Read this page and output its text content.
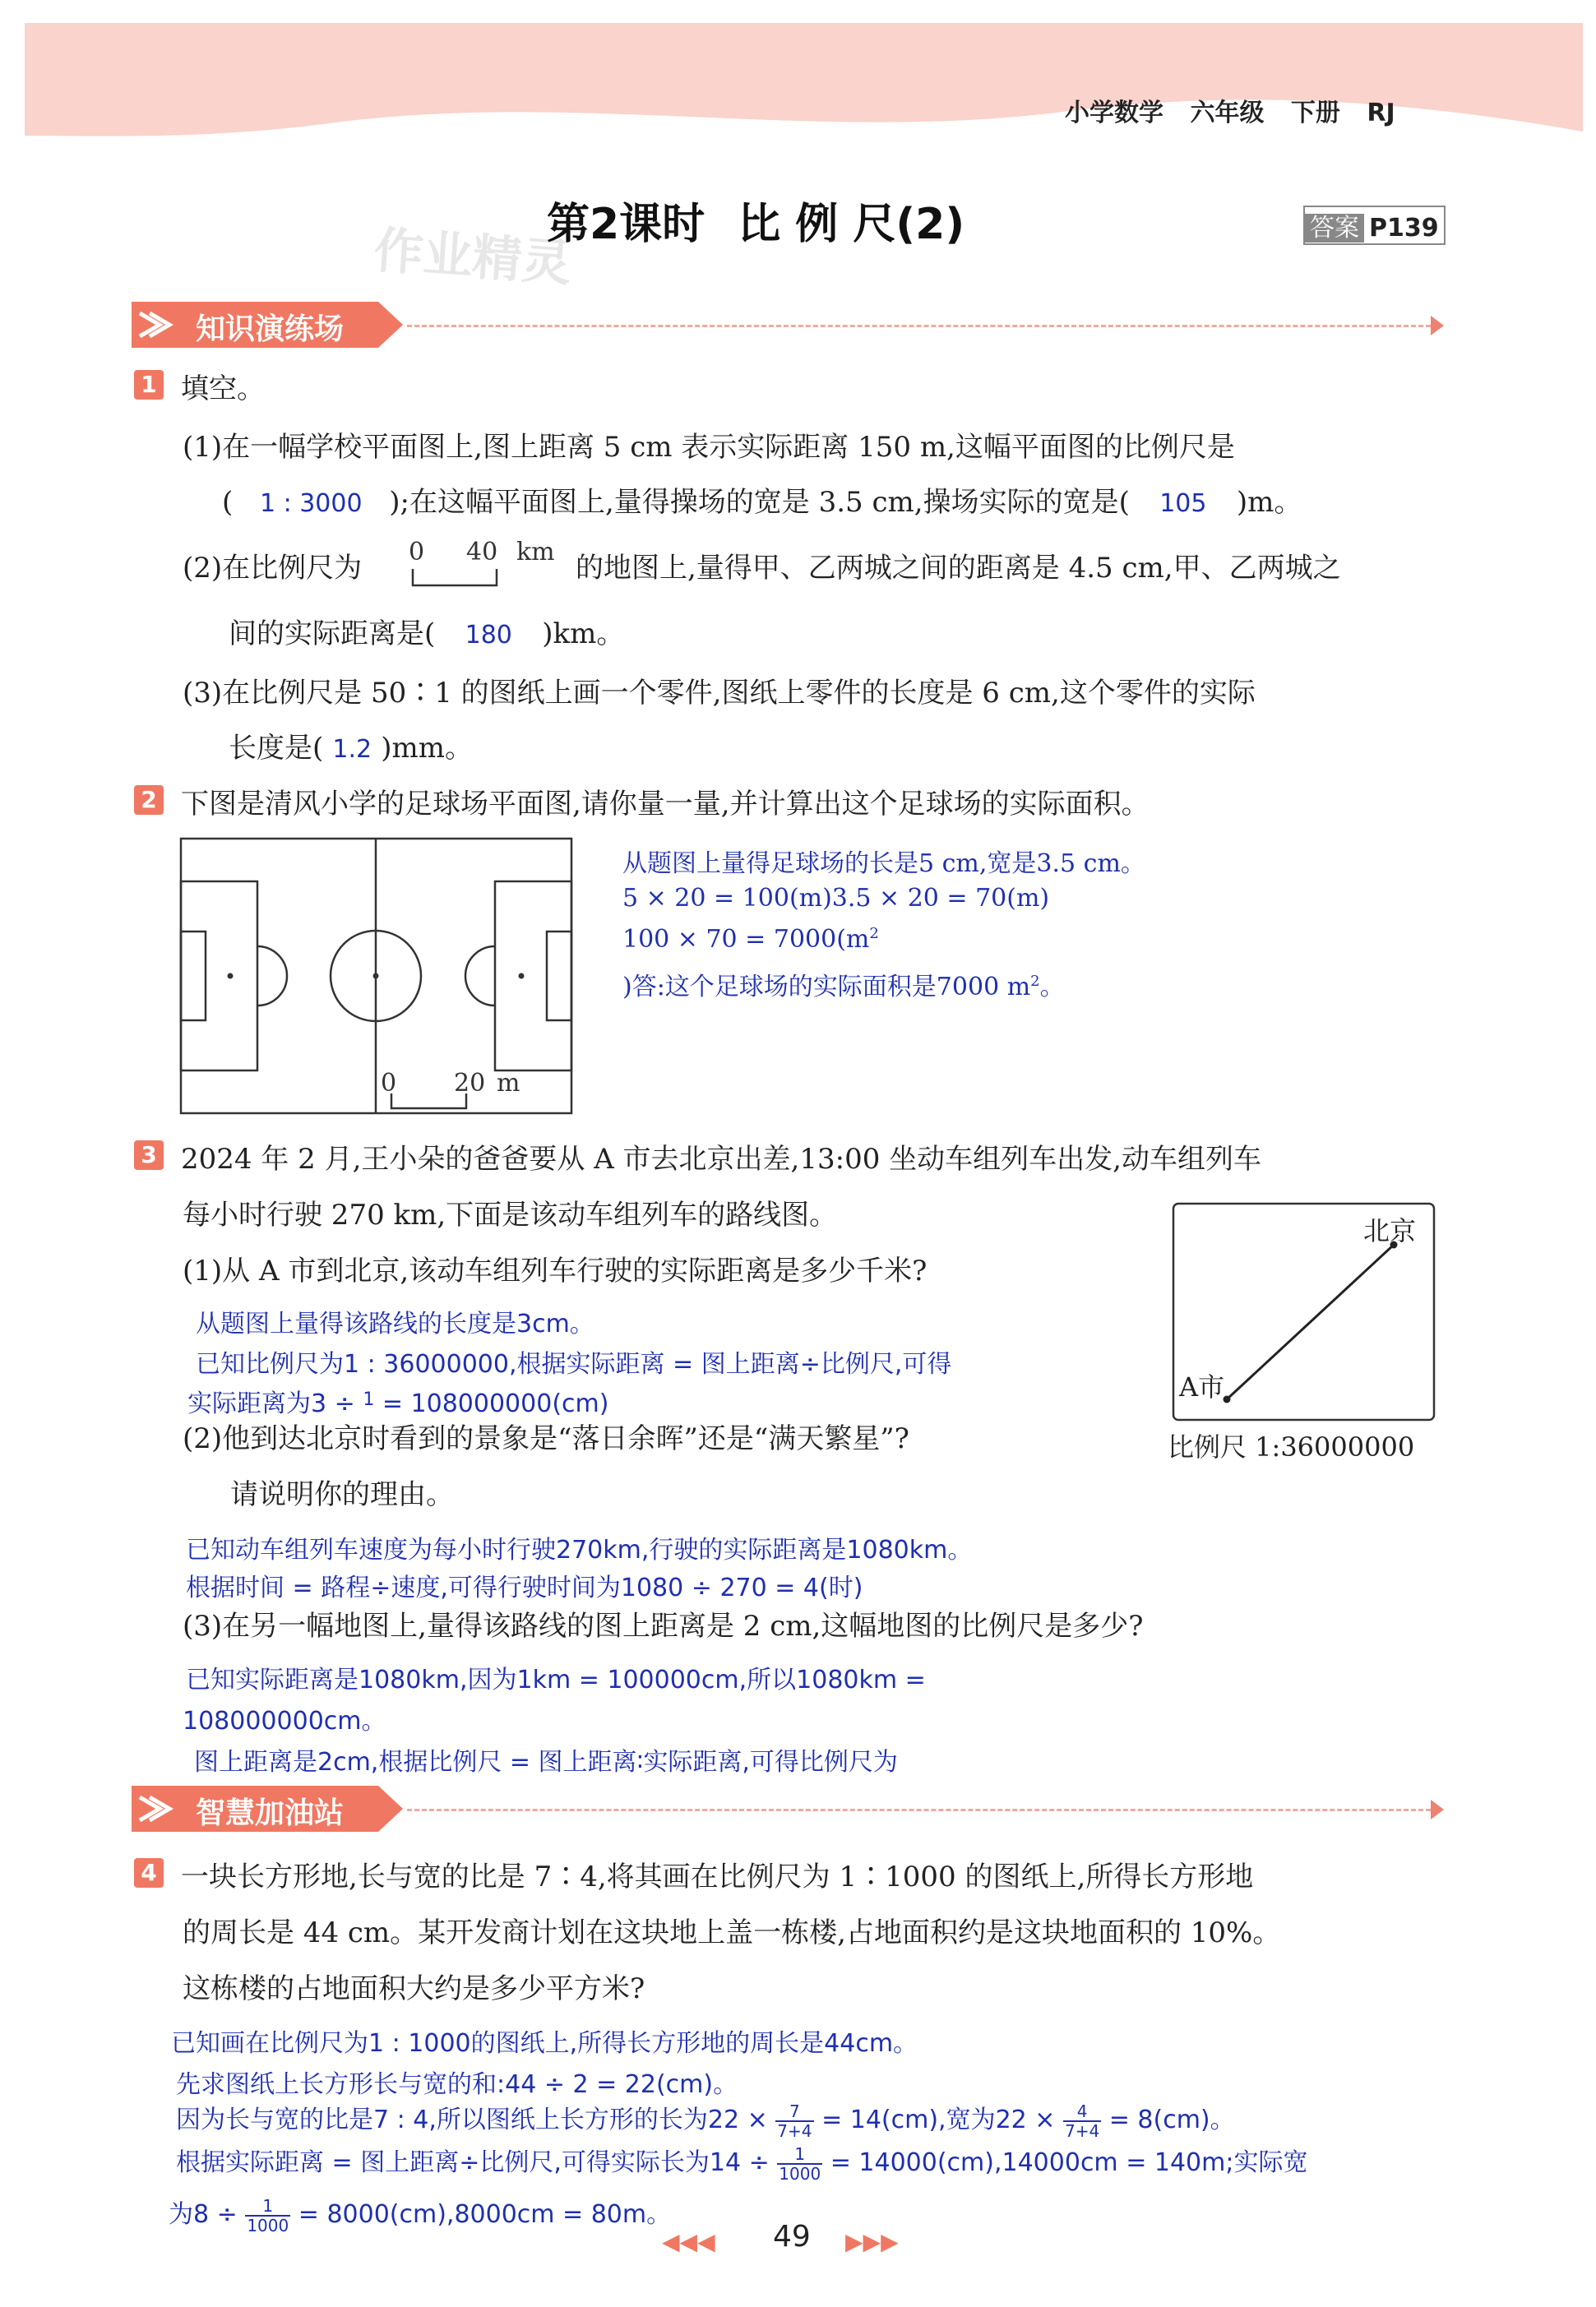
小学数学 六年级 下册 RJ
作业精灵
第2课时 比 例 尺(2)	答案 P139
知识演练场
1 填空。
(1)在一幅学校平面图上,图上距离 5 cm 表示实际距离 150 m,这幅平面图的比例尺是
( 1 : 3000 );在这幅平面图上,量得操场的宽是 3.5 cm,操场实际的宽是( 105 )m。
(2)在比例尺为 0 40 km 的地图上,量得甲、乙两城之间的距离是 4.5 cm,甲、乙两城之
间的实际距离是( 180 )km。
(3)在比例尺是 50∶1 的图纸上画一个零件,图纸上零件的长度是 6 cm,这个零件的实际
长度是( 1.2 )mm。
2 下图是清风小学的足球场平面图,请你量一量,并计算出这个足球场的实际面积。
0 20 m
从题图上量得足球场的长是5 cm,宽是3.5 cm。
5 × 20 = 100(m)3.5 × 20 = 70(m)
$100 \times 70 = 7000(m^2$
)答:这个足球场的实际面积是7000 $m^2$。
3 2024 年 2 月,王小朵的爸爸要从 A 市去北京出差,13:00 坐动车组列车出发,动车组列车
每小时行驶 270 km,下面是该动车组列车的路线图。	北京
A市
比例尺 1:36000000
(1)从 A 市到北京,该动车组列车行驶的实际距离是多少千米?
从题图上量得该路线的长度是3cm。
已知比例尺为1 : 36000000,根据实际距离 = 图上距离÷比例尺,可得
实际距离为3 ÷ $^1$ = 108000000(cm)
(2)他到达北京时看到的景象是“落日余晖”还是“满天繁星”?
请说明你的理由。
已知动车组列车速度为每小时行驶270km,行驶的实际距离是1080km。
根据时间 = 路程÷速度,可得行驶时间为1080 ÷ 270 = 4(时)
(3)在另一幅地图上,量得该路线的图上距离是 2 cm,这幅地图的比例尺是多少?
已知实际距离是1080km,因为1km = 100000cm,所以1080km =
108000000cm。
图上距离是2cm,根据比例尺 = 图上距离∶实际距离,可得比例尺为
智慧加油站
4 一块长方形地,长与宽的比是 7∶4,将其画在比例尺为 1∶1000 的图纸上,所得长方形地
的周长是 44 cm。某开发商计划在这块地上盖一栋楼,占地面积约是这块地面积的 10%。
这栋楼的占地面积大约是多少平方米?
已知画在比例尺为1 : 1000的图纸上,所得长方形地的周长是44cm。
先求图纸上长方形长与宽的和:44 ÷ 2 = 22(cm)。
因为长与宽的比是7 : 4,所以图纸上长方形的长为$22 \times \frac{7}{7+4} = 14(cm)$,宽为$22 \times \frac{4}{7+4} = 8(cm)$。
根据实际距离 = 图上距离÷比例尺,可得实际长为$14 \div \frac{1}{1000} = 14000(cm),14000cm = 140m$;实际宽
为$8 \div \frac{1}{1000} = 8000(cm),8000cm = 80m$。
◀◀◀ 49 ▶▶▶
